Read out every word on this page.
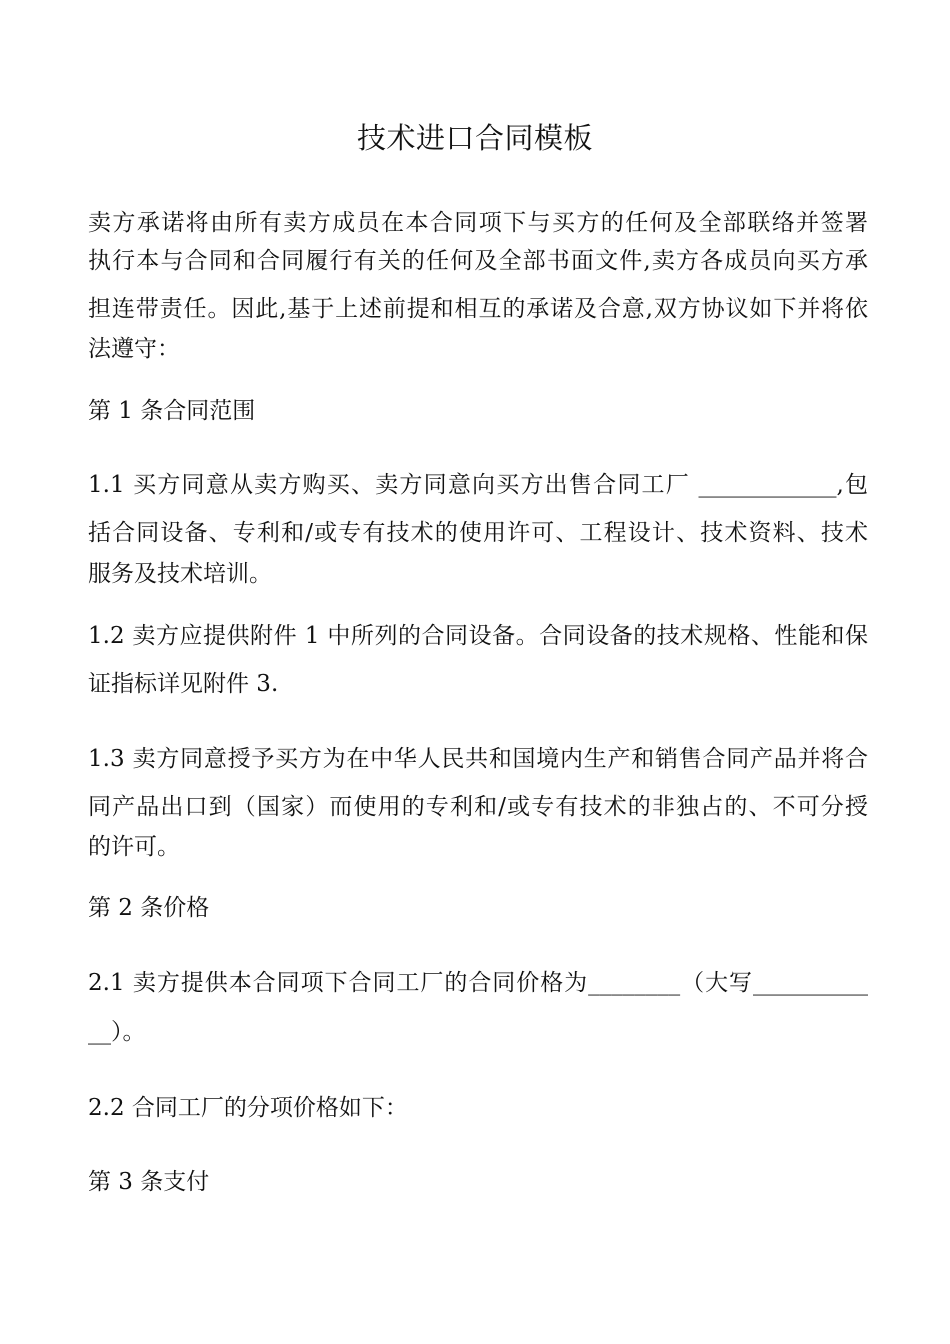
技术进口合同模板
卖方承诺将由所有卖方成员在本合同项下与买方的任何及全部联络并签署
执行本与合同和合同履行有关的任何及全部书面文件,卖方各成员向买方承
担连带责任。因此,基于上述前提和相互的承诺及合意,双方协议如下并将依
法遵守：
第 1 条合同范围
1.1 买方同意从卖方购买、卖方同意向买方出售合同工厂 ____________,包
括合同设备、专利和/或专有技术的使用许可、工程设计、技术资料、技术
服务及技术培训。
1.2 卖方应提供附件 1 中所列的合同设备。合同设备的技术规格、性能和保
证指标详见附件 3.
1.3 卖方同意授予买方为在中华人民共和国境内生产和销售合同产品并将合
同产品出口到（国家）而使用的专利和/或专有技术的非独占的、不可分授
的许可。
第 2 条价格
2.1 卖方提供本合同项下合同工厂的合同价格为________（大写__________
__）。
2.2 合同工厂的分项价格如下：
第 3 条支付
